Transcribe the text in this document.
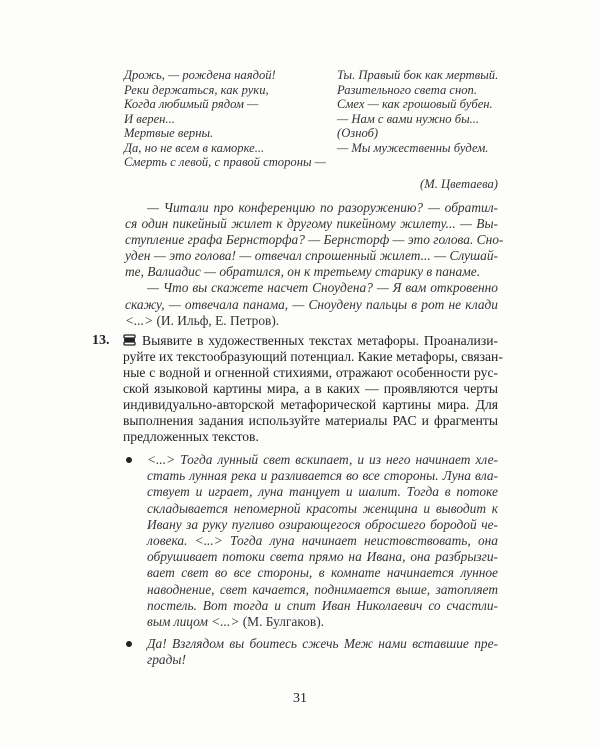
Дрожь, — рождена наядой!
Реки держаться, как руки,
Когда любимый рядом —
И верен...
Мертвые верны.
Да, но не всем в каморке...
Смерть с левой, с правой стороны —
Ты. Правый бок как мертвый.
Разительного света сноп.
Смех — как грошовый бубен.
— Нам с вами нужно бы...
(Озноб)
— Мы мужественны будем.
(М. Цветаева)
— Читали про конференцию по разоружению? — обратил-
ся один пикейный жилет к другому пикейному жилету... — Вы-
ступление графа Бернсторфа? — Бернсторф — это голова. Сно-
уден — это голова! — отвечал спрошенный жилет... — Слушай-
те, Валиадис — обратился, он к третьему старику в панаме.
— Что вы скажете насчет Сноудена? — Я вам откровенно
скажу, — отвечала панама, — Сноудену пальцы в рот не клади
<...> (И. Ильф, Е. Петров).
13.	Выявите в художественных текстах метафоры. Проанализи-
руйте их текстообразующий потенциал. Какие метафоры, связан-
ные с водной и огненной стихиями, отражают особенности рус-
ской языковой картины мира, а в каких — проявляются черты
индивидуально-авторской метафорической картины мира. Для
выполнения задания используйте материалы РАС и фрагменты
предложенных текстов.
<...> Тогда лунный свет вскипает, и из него начинает хле-
стать лунная река и разливается во все стороны. Луна вла-
ствует и играет, луна танцует и шалит. Тогда в потоке
складывается непомерной красоты женщина и выводит к
Ивану за руку пугливо озирающегося обросшего бородой че-
ловека. <...> Тогда луна начинает неистовствовать, она
обрушивает потоки света прямо на Ивана, она разбрызги-
вает свет во все стороны, в комнате начинается лунное
наводнение, свет качается, поднимается выше, затопляет
постель. Вот тогда и спит Иван Николаевич со счастли-
вым лицом <...> (М. Булгаков).
Да! Взглядом вы боитесь сжечь Меж нами вставшие пре-
грады!
31
